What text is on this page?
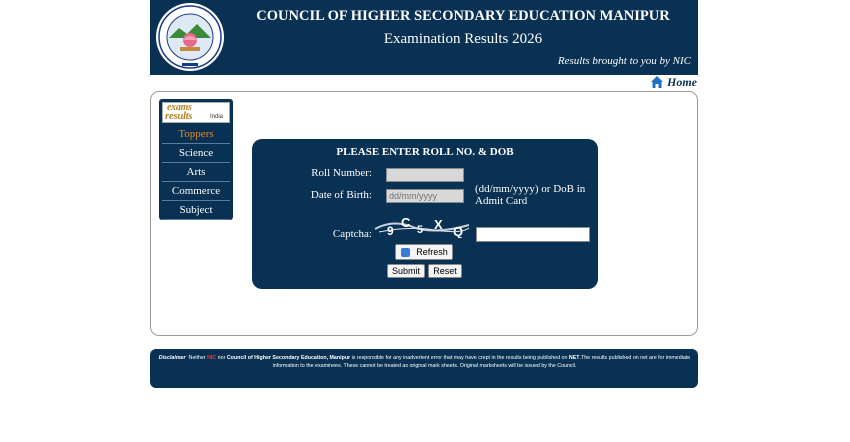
COUNCIL OF HIGHER SECONDARY EDUCATION MANIPUR
Examination Results 2026
Results brought to you by NIC
Home
exams
results	India
Toppers
Science
Arts
Commerce
Subject
PLEASE ENTER ROLL NO. & DOB
Roll Number:
Date of Birth:
dd/mm/yyyy	(dd/mm/yyyy) or DoB in Admit Card
Captcha: 9
C 5 X Q
Refresh
Submit	Reset
Disclaimer Neither NIC nor Council of Higher Secondary Education, Manipur is responsible for any inadvertent error that may have crept in the results being published on NET.The results published on net are for immediate information to the examinees. These cannot be treated as original mark sheets. Original marksheets will be issued by the Council.
